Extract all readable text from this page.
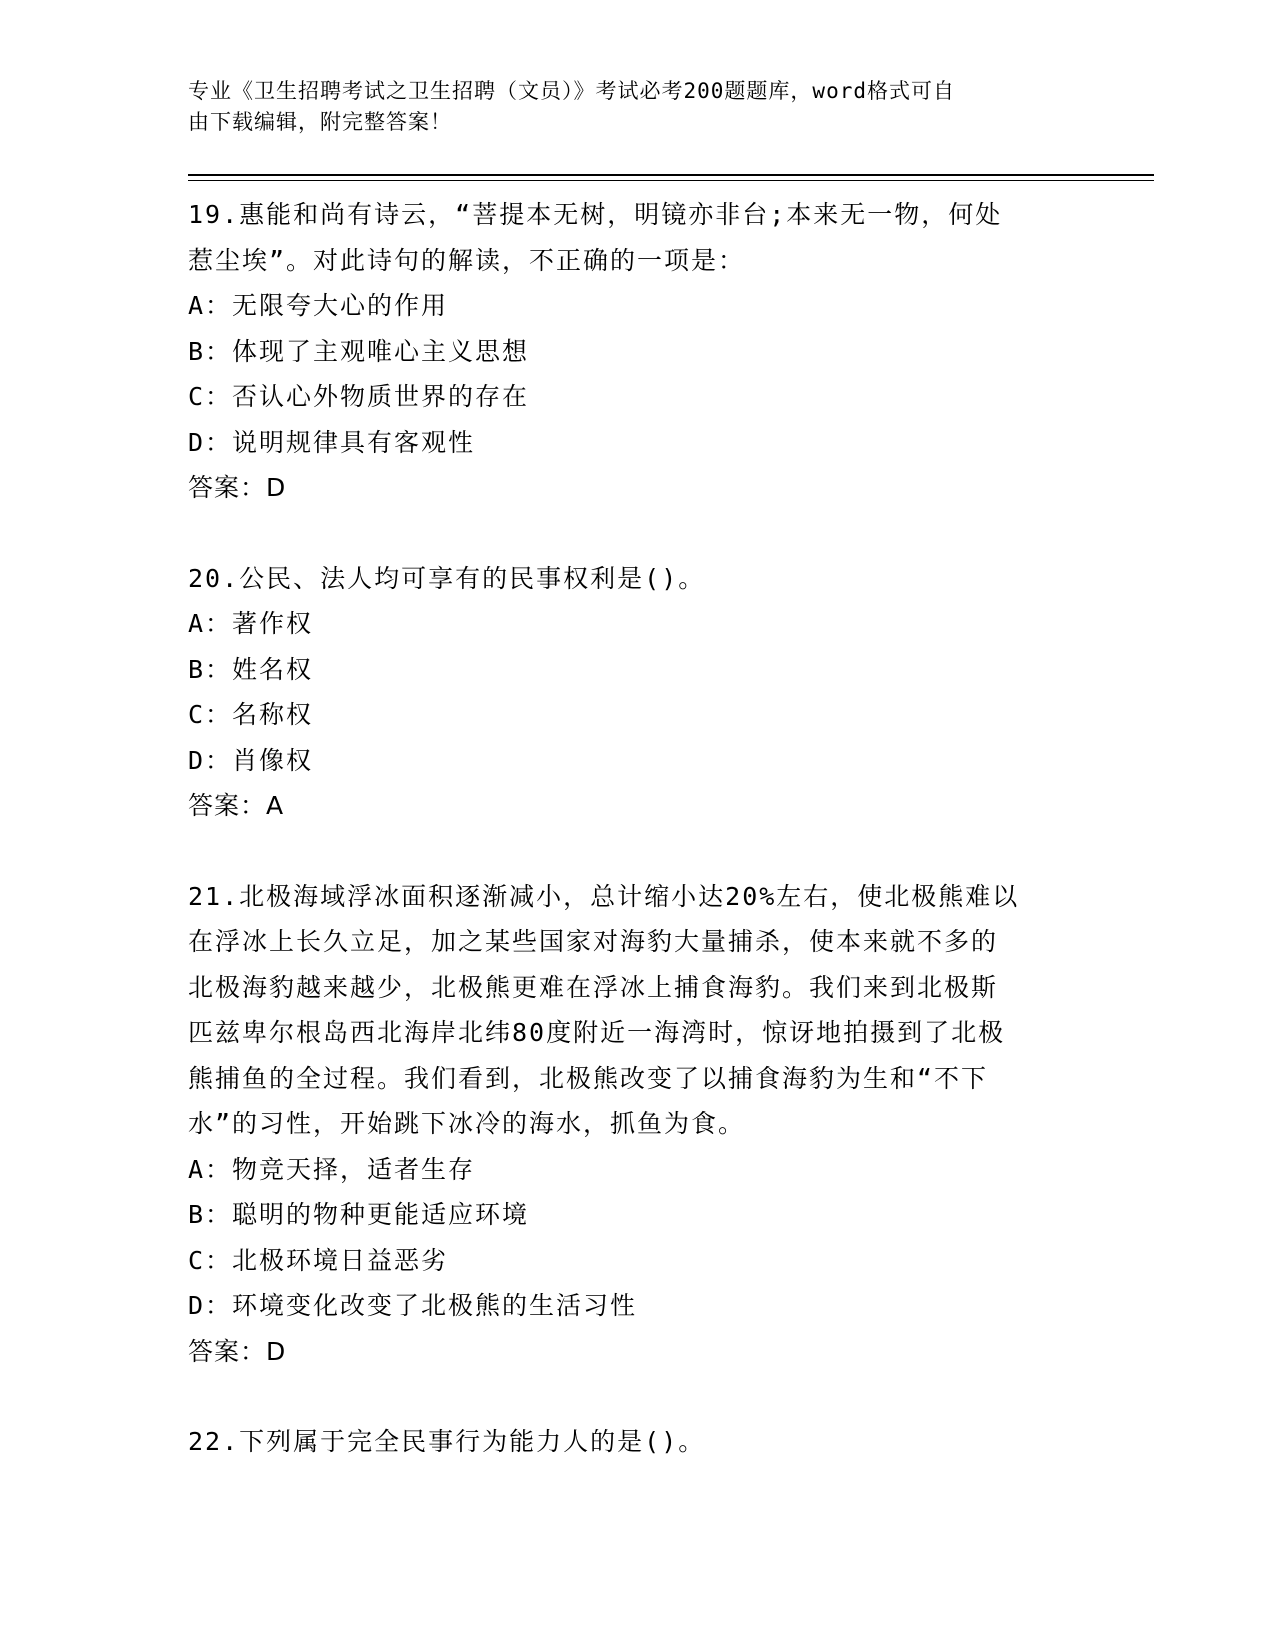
专业《卫生招聘考试之卫生招聘（文员）》考试必考200题题库，word格式可自
由下载编辑，附完整答案！
19.惠能和尚有诗云，“菩提本无树，明镜亦非台;本来无一物，何处
惹尘埃”。对此诗句的解读，不正确的一项是：
A：无限夸大心的作用
B：体现了主观唯心主义思想
C：否认心外物质世界的存在
D：说明规律具有客观性
答案：D
20.公民、法人均可享有的民事权利是()。
A：著作权
B：姓名权
C：名称权
D：肖像权
答案：A
21.北极海域浮冰面积逐渐减小，总计缩小达20%左右，使北极熊难以
在浮冰上长久立足，加之某些国家对海豹大量捕杀，使本来就不多的
北极海豹越来越少，北极熊更难在浮冰上捕食海豹。我们来到北极斯
匹兹卑尔根岛西北海岸北纬80度附近一海湾时，惊讶地拍摄到了北极
熊捕鱼的全过程。我们看到，北极熊改变了以捕食海豹为生和“不下
水”的习性，开始跳下冰冷的海水，抓鱼为食。
A：物竞天择，适者生存
B：聪明的物种更能适应环境
C：北极环境日益恶劣
D：环境变化改变了北极熊的生活习性
答案：D
22.下列属于完全民事行为能力人的是()。
